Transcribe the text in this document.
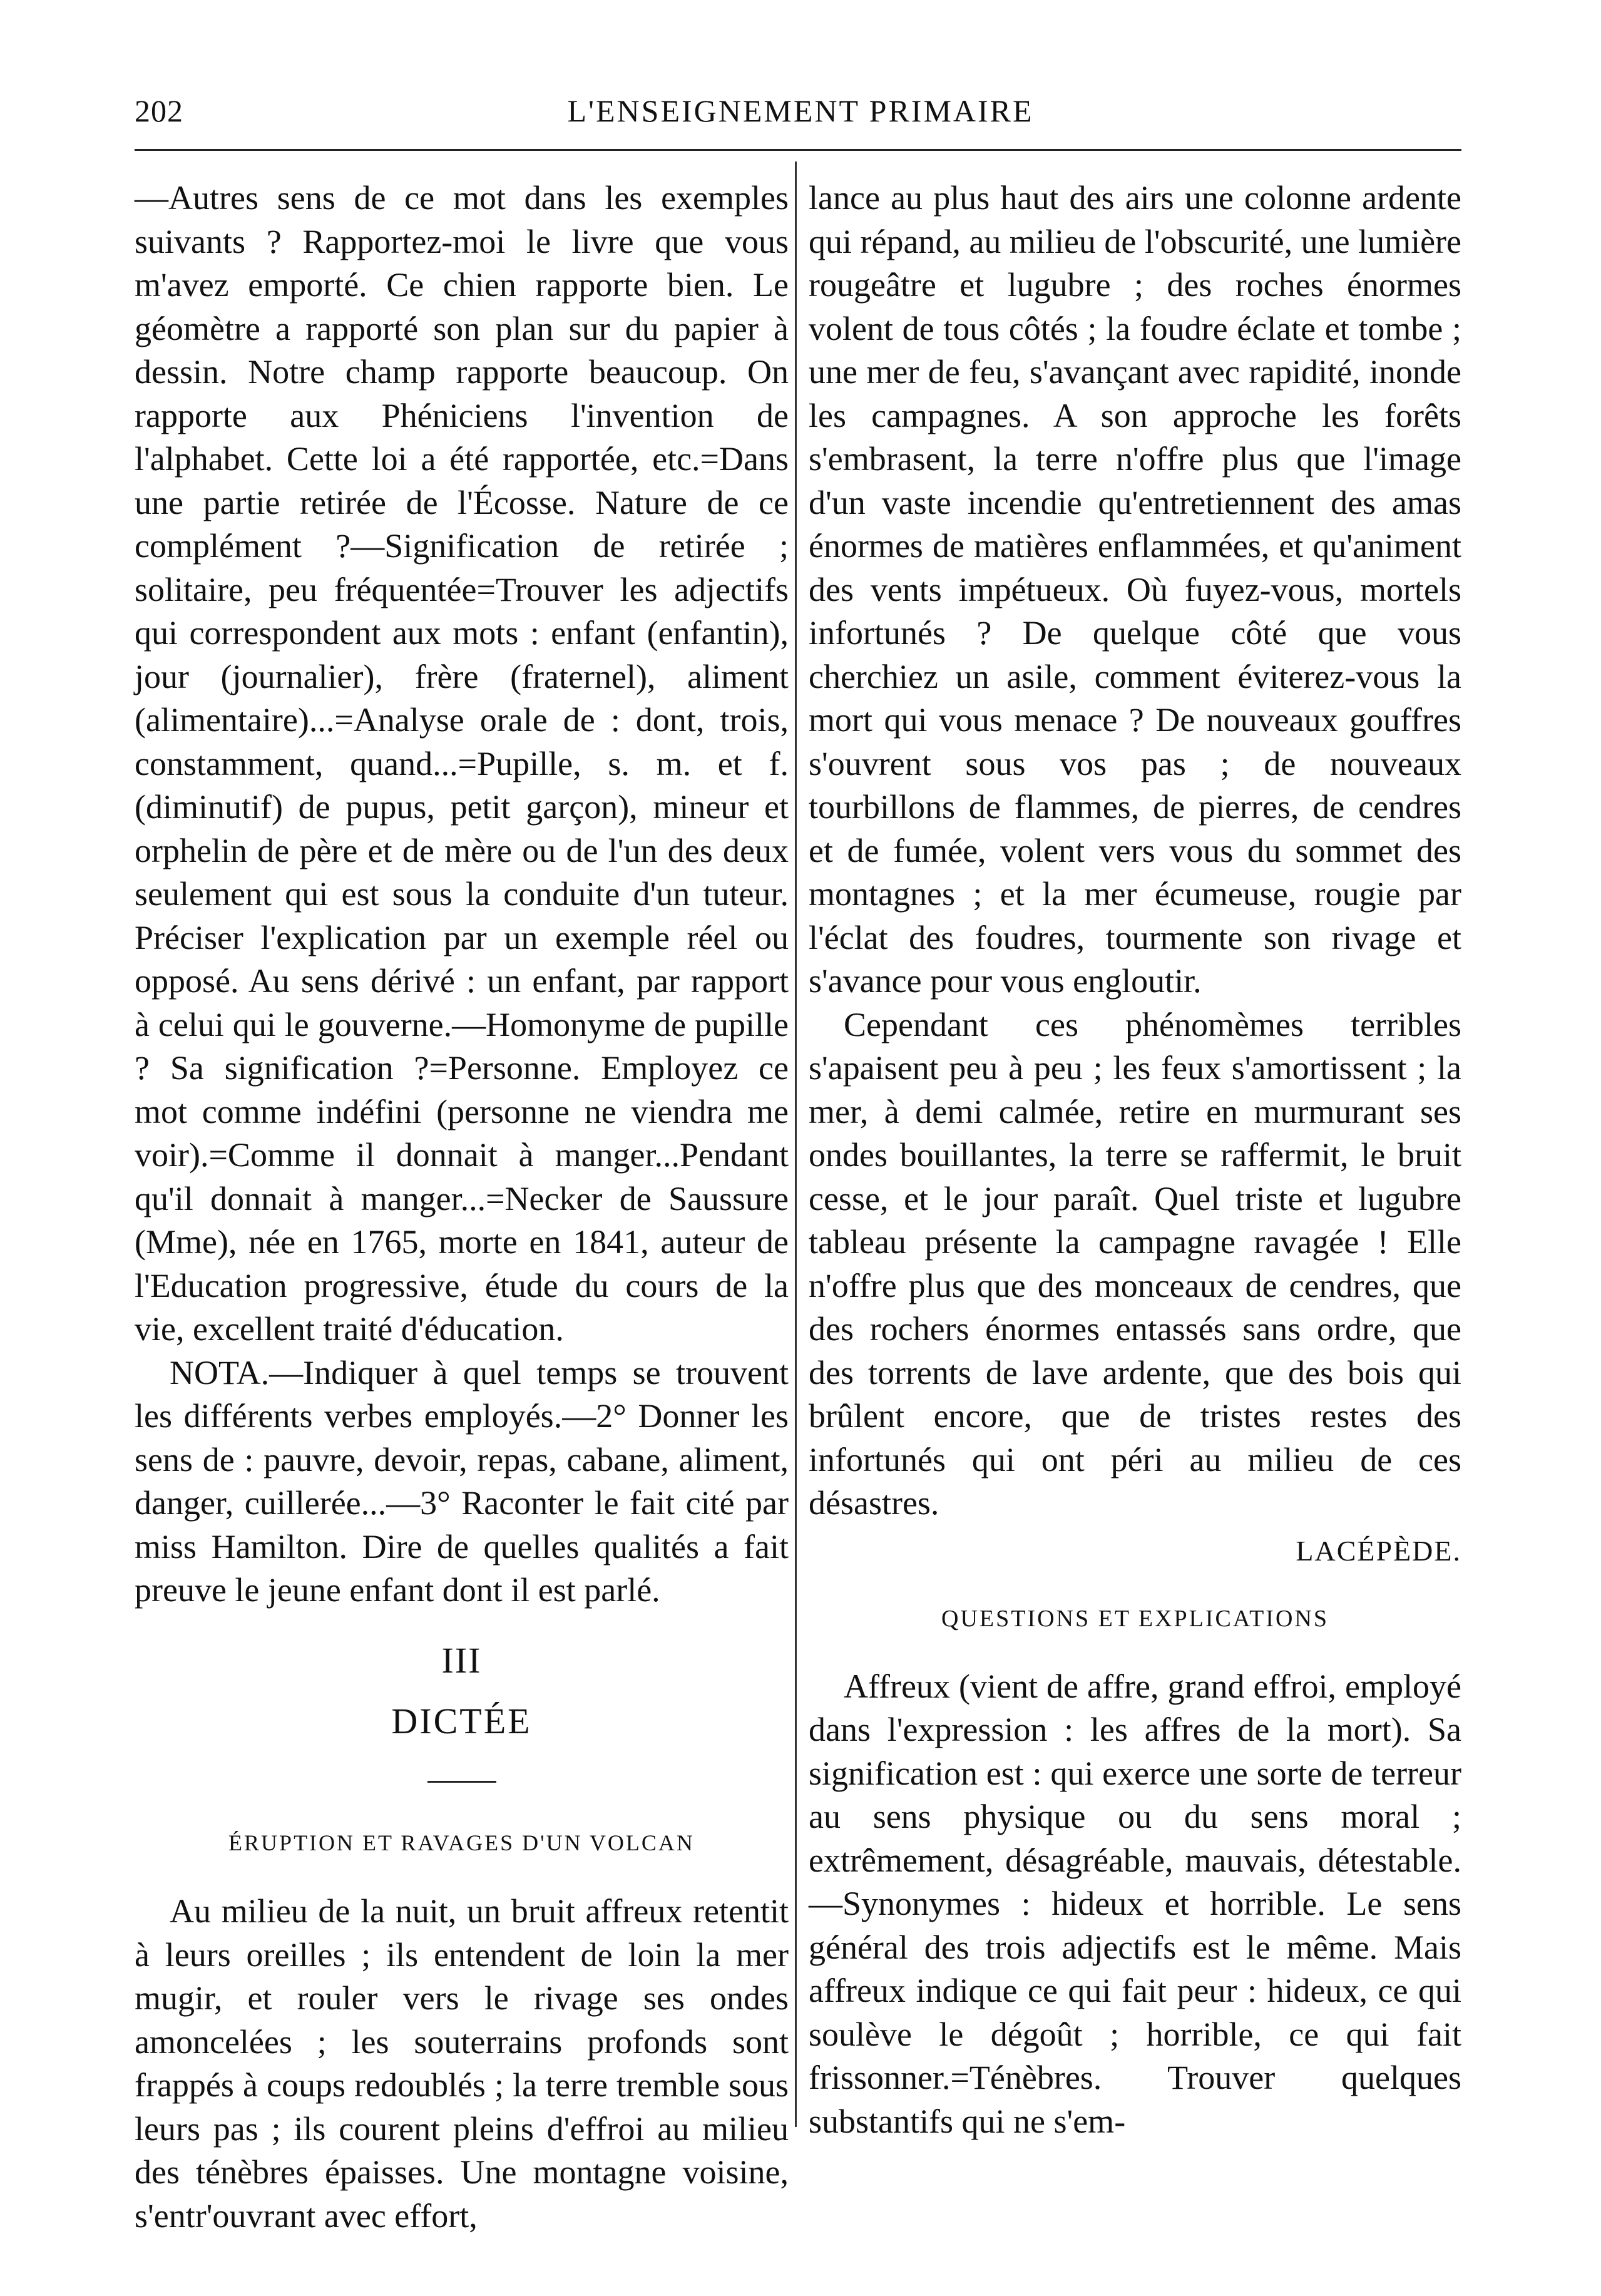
202	L'ENSEIGNEMENT PRIMAIRE

—Autres sens de ce mot dans les exemples suivants ? Rapportez-moi le livre que vous m'avez emporté. Ce chien rapporte bien. Le géomètre a rapporté son plan sur du papier à dessin. Notre champ rapporte beaucoup. On rapporte aux Phéniciens l'invention de l'alphabet. Cette loi a été rapportée, etc.=Dans une partie retirée de l'Écosse. Nature de ce complément ?—Signification de retirée ; solitaire, peu fréquentée=Trouver les adjectifs qui correspondent aux mots : enfant (enfantin), jour (journalier), frère (fraternel), aliment (alimentaire)...=Analyse orale de : dont, trois, constamment, quand...=Pupille, s. m. et f. (diminutif) de pupus, petit garçon), mineur et orphelin de père et de mère ou de l'un des deux seulement qui est sous la conduite d'un tuteur. Préciser l'explication par un exemple réel ou opposé. Au sens dérivé : un enfant, par rapport à celui qui le gouverne.—Homonyme de pupille ? Sa signification ?=Personne. Employez ce mot comme indéfini (personne ne viendra me voir).=Comme il donnait à manger...Pendant qu'il donnait à manger...=Necker de Saussure (Mme), née en 1765, morte en 1841, auteur de l'Education progressive, étude du cours de la vie, excellent traité d'éducation.

NOTA.—Indiquer à quel temps se trouvent les différents verbes employés.—2° Donner les sens de : pauvre, devoir, repas, cabane, aliment, danger, cuillerée...—3° Raconter le fait cité par miss Hamilton. Dire de quelles qualités a fait preuve le jeune enfant dont il est parlé.

III
DICTÉE
ÉRUPTION ET RAVAGES D'UN VOLCAN

Au milieu de la nuit, un bruit affreux retentit à leurs oreilles ; ils entendent de loin la mer mugir, et rouler vers le rivage ses ondes amoncelées ; les souterrains profonds sont frappés à coups redoublés ; la terre tremble sous leurs pas ; ils courent pleins d'effroi au milieu des ténèbres épaisses. Une montagne voisine, s'entr'ouvrant avec effort,

lance au plus haut des airs une colonne ardente qui répand, au milieu de l'obscurité, une lumière rougeâtre et lugubre ; des roches énormes volent de tous côtés ; la foudre éclate et tombe ; une mer de feu, s'avançant avec rapidité, inonde les campagnes. A son approche les forêts s'embrasent, la terre n'offre plus que l'image d'un vaste incendie qu'entretiennent des amas énormes de matières enflammées, et qu'animent des vents impétueux. Où fuyez-vous, mortels infortunés ? De quelque côté que vous cherchiez un asile, comment éviterez-vous la mort qui vous menace ? De nouveaux gouffres s'ouvrent sous vos pas ; de nouveaux tourbillons de flammes, de pierres, de cendres et de fumée, volent vers vous du sommet des montagnes ; et la mer écumeuse, rougie par l'éclat des foudres, tourmente son rivage et s'avance pour vous engloutir.

Cependant ces phénomèmes terribles s'apaisent peu à peu ; les feux s'amortissent ; la mer, à demi calmée, retire en murmurant ses ondes bouillantes, la terre se raffermit, le bruit cesse, et le jour paraît. Quel triste et lugubre tableau présente la campagne ravagée ! Elle n'offre plus que des monceaux de cendres, que des rochers énormes entassés sans ordre, que des torrents de lave ardente, que des bois qui brûlent encore, que de tristes restes des infortunés qui ont péri au milieu de ces désastres.

LACÉPÈDE.
QUESTIONS ET EXPLICATIONS

Affreux (vient de affre, grand effroi, employé dans l'expression : les affres de la mort). Sa signification est : qui exerce une sorte de terreur au sens physique ou du sens moral ; extrêmement, désagréable, mauvais, détestable.—Synonymes : hideux et horrible. Le sens général des trois adjectifs est le même. Mais affreux indique ce qui fait peur : hideux, ce qui soulève le dégoût ; horrible, ce qui fait frissonner.=Ténèbres. Trouver quelques substantifs qui ne s'em-
